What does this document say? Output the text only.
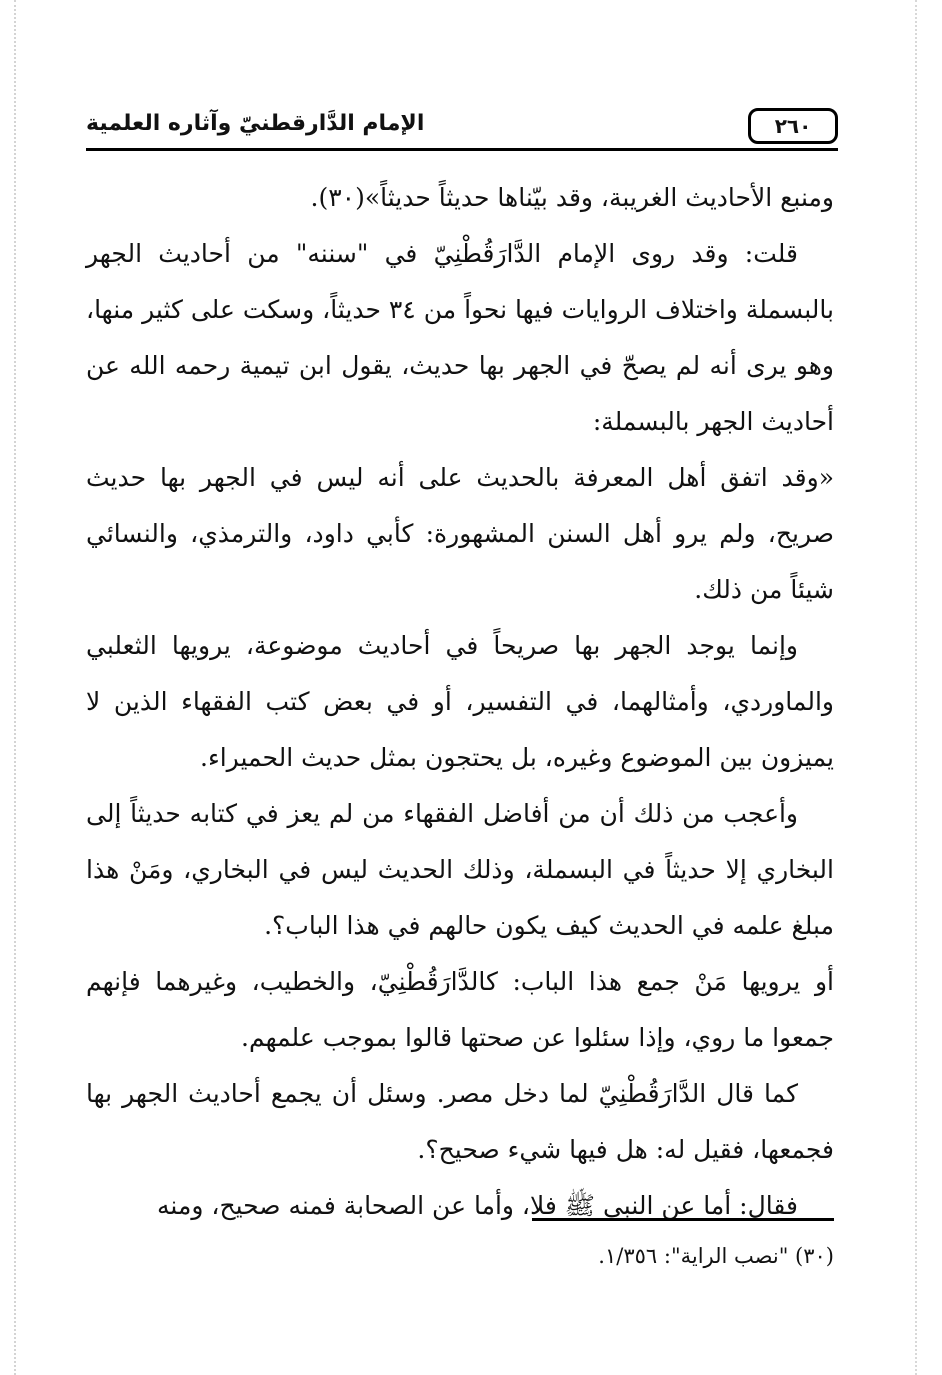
٢٦٠
الإمام الدَّارقطنيّ وآثاره العلمية

ومنبع الأحاديث الغريبة، وقد بيّناها حديثاً حديثاً»(٣٠).

قلت: وقد روى الإمام الدَّارَقُطْنِيّ في "سننه" من أحاديث الجهر بالبسملة واختلاف الروايات فيها نحواً من ٣٤ حديثاً، وسكت على كثير منها، وهو يرى أنه لم يصحّ في الجهر بها حديث، يقول ابن تيمية رحمه الله عن أحاديث الجهر بالبسملة:

«وقد اتفق أهل المعرفة بالحديث على أنه ليس في الجهر بها حديث صريح، ولم يرو أهل السنن المشهورة: كأبي داود، والترمذي، والنسائي شيئاً من ذلك.

وإنما يوجد الجهر بها صريحاً في أحاديث موضوعة، يرويها الثعلبي والماوردي، وأمثالهما، في التفسير، أو في بعض كتب الفقهاء الذين لا يميزون بين الموضوع وغيره، بل يحتجون بمثل حديث الحميراء.

وأعجب من ذلك أن من أفاضل الفقهاء من لم يعز في كتابه حديثاً إلى البخاري إلا حديثاً في البسملة، وذلك الحديث ليس في البخاري، ومَنْ هذا مبلغ علمه في الحديث كيف يكون حالهم في هذا الباب؟.

أو يرويها مَنْ جمع هذا الباب: كالدَّارَقُطْنِيّ، والخطيب، وغيرهما فإنهم جمعوا ما روي، وإذا سئلوا عن صحتها قالوا بموجب علمهم.

كما قال الدَّارَقُطْنِيّ لما دخل مصر. وسئل أن يجمع أحاديث الجهر بها فجمعها، فقيل له: هل فيها شيء صحيح؟.

فقال: أما عن النبي ﷺ فلا، وأما عن الصحابة فمنه صحيح، ومنه

(٣٠) "نصب الراية": ١/٣٥٦.
